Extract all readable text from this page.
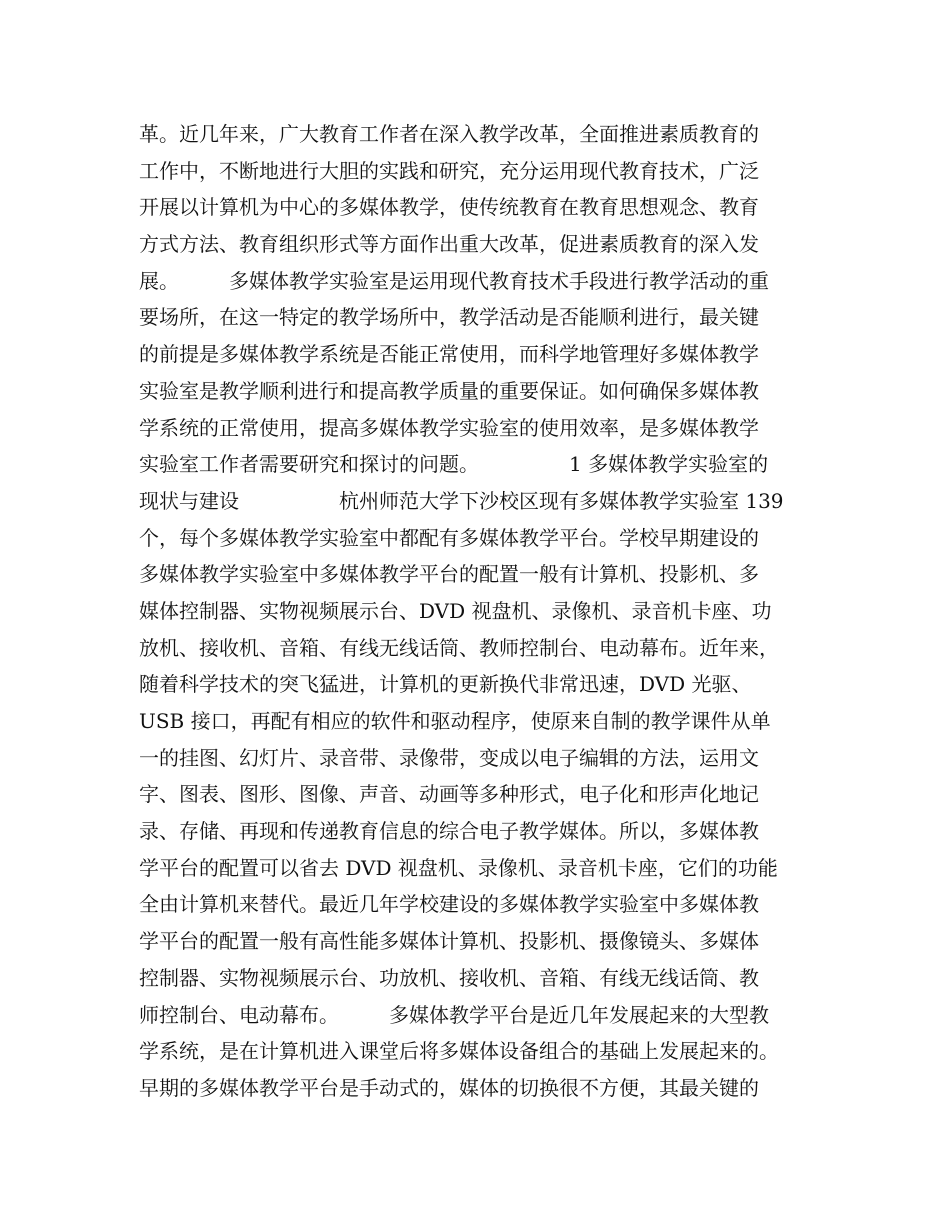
革。近几年来，广大教育工作者在深入教学改革，全面推进素质教育的
工作中，不断地进行大胆的实践和研究，充分运用现代教育技术，广泛
开展以计算机为中心的多媒体教学，使传统教育在教育思想观念、教育
方式方法、教育组织形式等方面作出重大改革，促进素质教育的深入发
展。　　　多媒体教学实验室是运用现代教育技术手段进行教学活动的重
要场所，在这一特定的教学场所中，教学活动是否能顺利进行，最关键
的前提是多媒体教学系统是否能正常使用，而科学地管理好多媒体教学
实验室是教学顺利进行和提高教学质量的重要保证。如何确保多媒体教
学系统的正常使用，提高多媒体教学实验室的使用效率，是多媒体教学
实验室工作者需要研究和探讨的问题。　　　　　1 多媒体教学实验室的
现状与建设　　　　　杭州师范大学下沙校区现有多媒体教学实验室 139
个，每个多媒体教学实验室中都配有多媒体教学平台。学校早期建设的
多媒体教学实验室中多媒体教学平台的配置一般有计算机、投影机、多
媒体控制器、实物视频展示台、DVD 视盘机、录像机、录音机卡座、功
放机、接收机、音箱、有线无线话筒、教师控制台、电动幕布。近年来，
随着科学技术的突飞猛进，计算机的更新换代非常迅速，DVD 光驱、
USB 接口，再配有相应的软件和驱动程序，使原来自制的教学课件从单
一的挂图、幻灯片、录音带、录像带，变成以电子编辑的方法，运用文
字、图表、图形、图像、声音、动画等多种形式，电子化和形声化地记
录、存储、再现和传递教育信息的综合电子教学媒体。所以，多媒体教
学平台的配置可以省去 DVD 视盘机、录像机、录音机卡座，它们的功能
全由计算机来替代。最近几年学校建设的多媒体教学实验室中多媒体教
学平台的配置一般有高性能多媒体计算机、投影机、摄像镜头、多媒体
控制器、实物视频展示台、功放机、接收机、音箱、有线无线话筒、教
师控制台、电动幕布。　　　多媒体教学平台是近几年发展起来的大型教
学系统，是在计算机进入课堂后将多媒体设备组合的基础上发展起来的。
早期的多媒体教学平台是手动式的，媒体的切换很不方便，其最关键的
